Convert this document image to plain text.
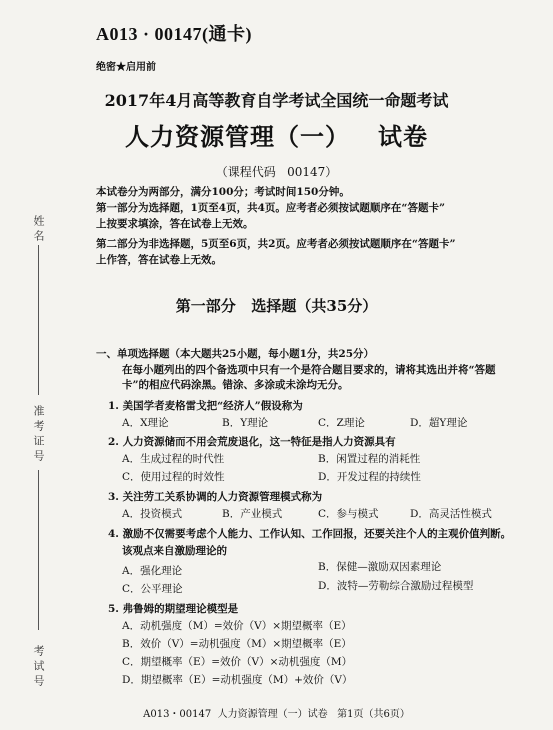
A013 · 00147(通卡)
绝密★启用前
2017年4月高等教育自学考试全国统一命题考试
人力资源管理（一）   试卷
（课程代码   00147）
本试卷分为两部分，满分100分；考试时间150分钟。
第一部分为选择题，1页至4页，共4页。应考者必须按试题顺序在“答题卡”
上按要求填涂，答在试卷上无效。
第二部分为非选择题，5页至6页，共2页。应考者必须按试题顺序在“答题卡”
上作答，答在试卷上无效。
姓名
准考证号
考试号
第一部分   选择题（共35分）
一、单项选择题（本大题共25小题，每小题1分，共25分）
在每小题列出的四个备选项中只有一个是符合题目要求的，请将其选出并将“答题
卡”的相应代码涂黑。错涂、多涂或未涂均无分。
1. 美国学者麦格雷戈把“经济人”假设称为
A．X理论	B．Y理论	C．Z理论	D．超Y理论
2. 人力资源储而不用会荒废退化，这一特征是指人力资源具有
A．生成过程的时代性	B．闲置过程的消耗性
C．使用过程的时效性	D．开发过程的持续性
3. 关注劳工关系协调的人力资源管理模式称为
A．投资模式	B．产业模式	C．参与模式	D．高灵活性模式
4. 激励不仅需要考虑个人能力、工作认知、工作回报，还要关注个人的主观价值判断。
该观点来自激励理论的
A．强化理论	B．保健—激励双因素理论
C．公平理论	D．波特—劳勒综合激励过程模型
5. 弗鲁姆的期望理论模型是
A．动机强度（M）=效价（V）×期望概率（E）
B．效价（V）=动机强度（M）×期望概率（E）
C．期望概率（E）=效价（V）×动机强度（M）
D．期望概率（E）=动机强度（M）+效价（V）
A013・00147  人力资源管理（一）试卷   第1页（共6页）
